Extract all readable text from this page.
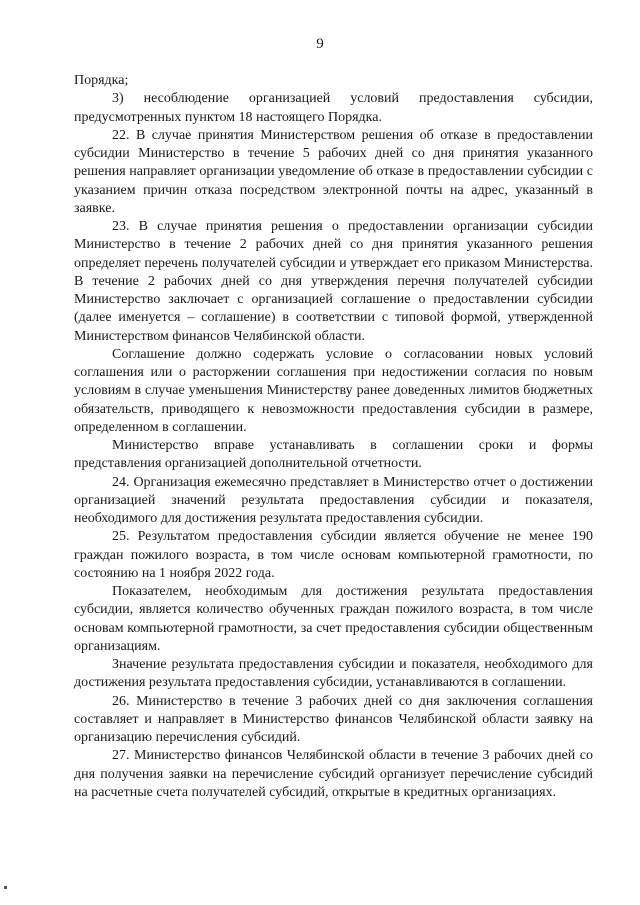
9

Порядка;

3) несоблюдение организацией условий предоставления субсидии, предусмотренных пунктом 18 настоящего Порядка.

22. В случае принятия Министерством решения об отказе в предоставлении субсидии Министерство в течение 5 рабочих дней со дня принятия указанного решения направляет организации уведомление об отказе в предоставлении субсидии с указанием причин отказа посредством электронной почты на адрес, указанный в заявке.

23. В случае принятия решения о предоставлении организации субсидии Министерство в течение 2 рабочих дней со дня принятия указанного решения определяет перечень получателей субсидии и утверждает его приказом Министерства. В течение 2 рабочих дней со дня утверждения перечня получателей субсидии Министерство заключает с организацией соглашение о предоставлении субсидии (далее именуется – соглашение) в соответствии с типовой формой, утвержденной Министерством финансов Челябинской области.

Соглашение должно содержать условие о согласовании новых условий соглашения или о расторжении соглашения при недостижении согласия по новым условиям в случае уменьшения Министерству ранее доведенных лимитов бюджетных обязательств, приводящего к невозможности предоставления субсидии в размере, определенном в соглашении.

Министерство вправе устанавливать в соглашении сроки и формы представления организацией дополнительной отчетности.

24. Организация ежемесячно представляет в Министерство отчет о достижении организацией значений результата предоставления субсидии и показателя, необходимого для достижения результата предоставления субсидии.

25. Результатом предоставления субсидии является обучение не менее 190 граждан пожилого возраста, в том числе основам компьютерной грамотности, по состоянию на 1 ноября 2022 года.

Показателем, необходимым для достижения результата предоставления субсидии, является количество обученных граждан пожилого возраста, в том числе основам компьютерной грамотности, за счет предоставления субсидии общественным организациям.

Значение результата предоставления субсидии и показателя, необходимого для достижения результата предоставления субсидии, устанавливаются в соглашении.

26. Министерство в течение 3 рабочих дней со дня заключения соглашения составляет и направляет в Министерство финансов Челябинской области заявку на организацию перечисления субсидий.

27. Министерство финансов Челябинской области в течение 3 рабочих дней со дня получения заявки на перечисление субсидий организует перечисление субсидий на расчетные счета получателей субсидий, открытые в кредитных организациях.
